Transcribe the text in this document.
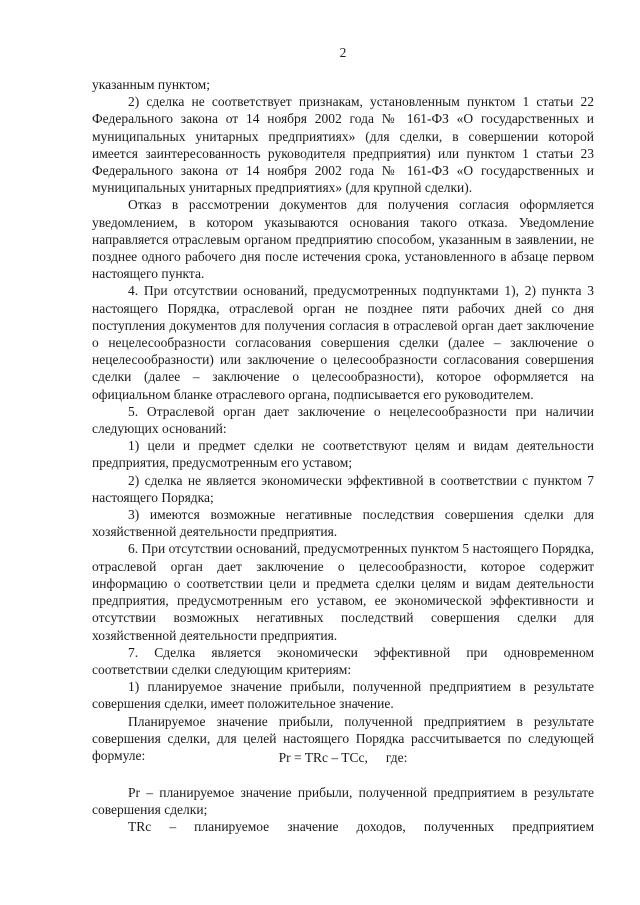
2

указанным пунктом;

2) сделка не соответствует признакам, установленным пунктом 1 статьи 22 Федерального закона от 14 ноября 2002 года № 161-ФЗ «О государственных и муниципальных унитарных предприятиях» (для сделки, в совершении которой имеется заинтересованность руководителя предприятия) или пунктом 1 статьи 23 Федерального закона от 14 ноября 2002 года № 161-ФЗ «О государственных и муниципальных унитарных предприятиях» (для крупной сделки).

Отказ в рассмотрении документов для получения согласия оформляется уведомлением, в котором указываются основания такого отказа. Уведомление направляется отраслевым органом предприятию способом, указанным в заявлении, не позднее одного рабочего дня после истечения срока, установленного в абзаце первом настоящего пункта.

4. При отсутствии оснований, предусмотренных подпунктами 1), 2) пункта 3 настоящего Порядка, отраслевой орган не позднее пяти рабочих дней со дня поступления документов для получения согласия в отраслевой орган дает заключение о нецелесообразности согласования совершения сделки (далее – заключение о нецелесообразности) или заключение о целесообразности согласования совершения сделки (далее – заключение о целесообразности), которое оформляется на официальном бланке отраслевого органа, подписывается его руководителем.

5. Отраслевой орган дает заключение о нецелесообразности при наличии следующих оснований:

1) цели и предмет сделки не соответствуют целям и видам деятельности предприятия, предусмотренным его уставом;

2) сделка не является экономически эффективной в соответствии с пунктом 7 настоящего Порядка;

3) имеются возможные негативные последствия совершения сделки для хозяйственной деятельности предприятия.

6. При отсутствии оснований, предусмотренных пунктом 5 настоящего Порядка, отраслевой орган дает заключение о целесообразности, которое содержит информацию о соответствии цели и предмета сделки целям и видам деятельности предприятия, предусмотренным его уставом, ее экономической эффективности и отсутствии возможных негативных последствий совершения сделки для хозяйственной деятельности предприятия.

7. Сделка является экономически эффективной при одновременном соответствии сделки следующим критериям:

1) планируемое значение прибыли, полученной предприятием в результате совершения сделки, имеет положительное значение.

Планируемое значение прибыли, полученной предприятием в результате совершения сделки, для целей настоящего Порядка рассчитывается по следующей формуле:	Pr = TRc – TCc, где:

Pr – планируемое значение прибыли, полученной предприятием в результате совершения сделки;

TRc – планируемое значение доходов, полученных предприятием
